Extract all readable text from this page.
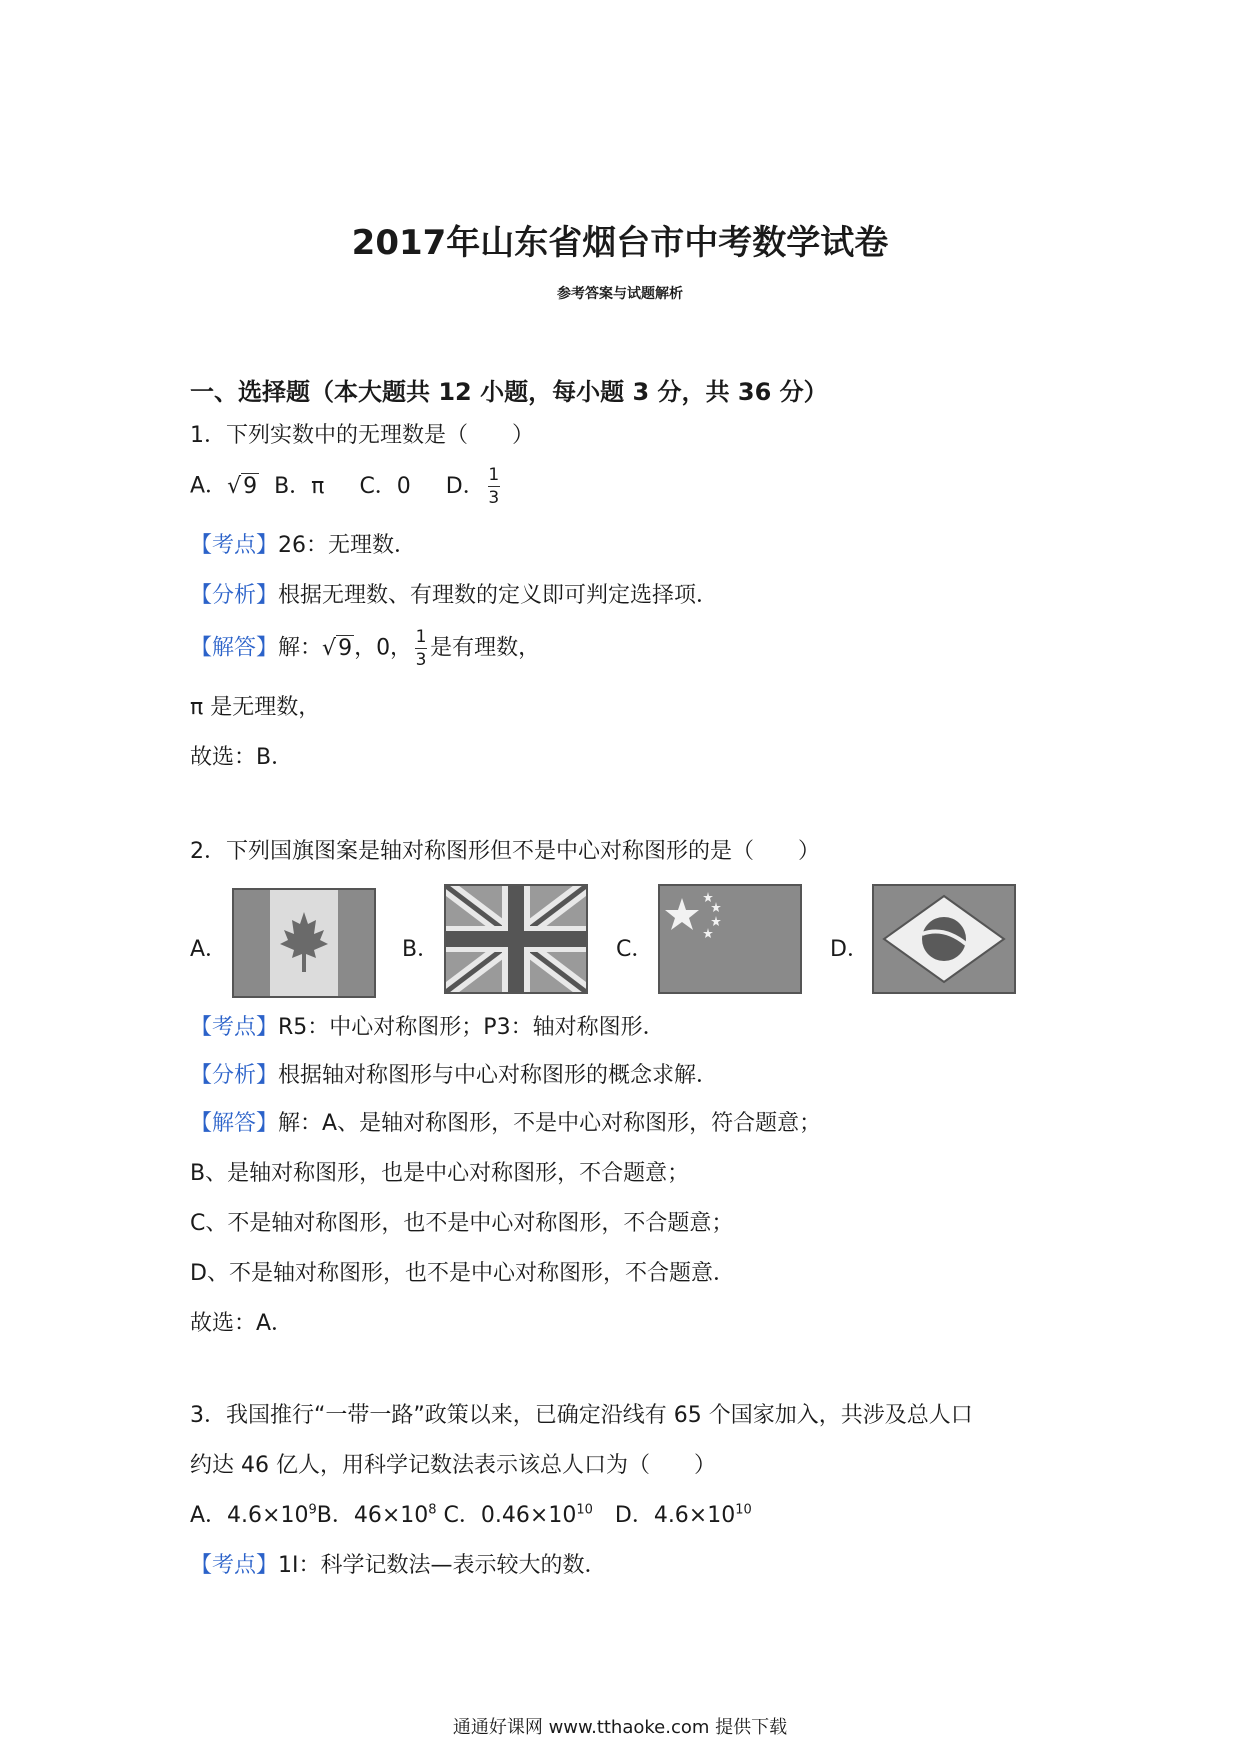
2017年山东省烟台市中考数学试卷
参考答案与试题解析
一、选择题（本大题共 12 小题，每小题 3 分，共 36 分）
1．下列实数中的无理数是（　　）
A．√9 B．π C．0 D． $\frac{1}{3}$
【考点】26：无理数．
【分析】根据无理数、有理数的定义即可判定选择项．
【解答】解：√9，0， $\frac{1}{3}$ 是有理数，
π 是无理数，
故选：B．
2．下列国旗图案是轴对称图形但不是中心对称图形的是（　　）
A．	B．	C．	D．
【考点】R5：中心对称图形；P3：轴对称图形．
【分析】根据轴对称图形与中心对称图形的概念求解．
【解答】解：A、是轴对称图形，不是中心对称图形，符合题意；
B、是轴对称图形，也是中心对称图形，不合题意；
C、不是轴对称图形，也不是中心对称图形，不合题意；
D、不是轴对称图形，也不是中心对称图形，不合题意．
故选：A．
3．我国推行“一带一路”政策以来，已确定沿线有 65 个国家加入，共涉及总人口
约达 46 亿人，用科学记数法表示该总人口为（　　）
A．$4.6\times 10^9B$．$46\times 10^8$ C．$0.46\times 10^{10}$　D．$4.6\times 10^{10}$
【考点】1I：科学记数法—表示较大的数．
通通好课网 www.tthaoke.com 提供下载
